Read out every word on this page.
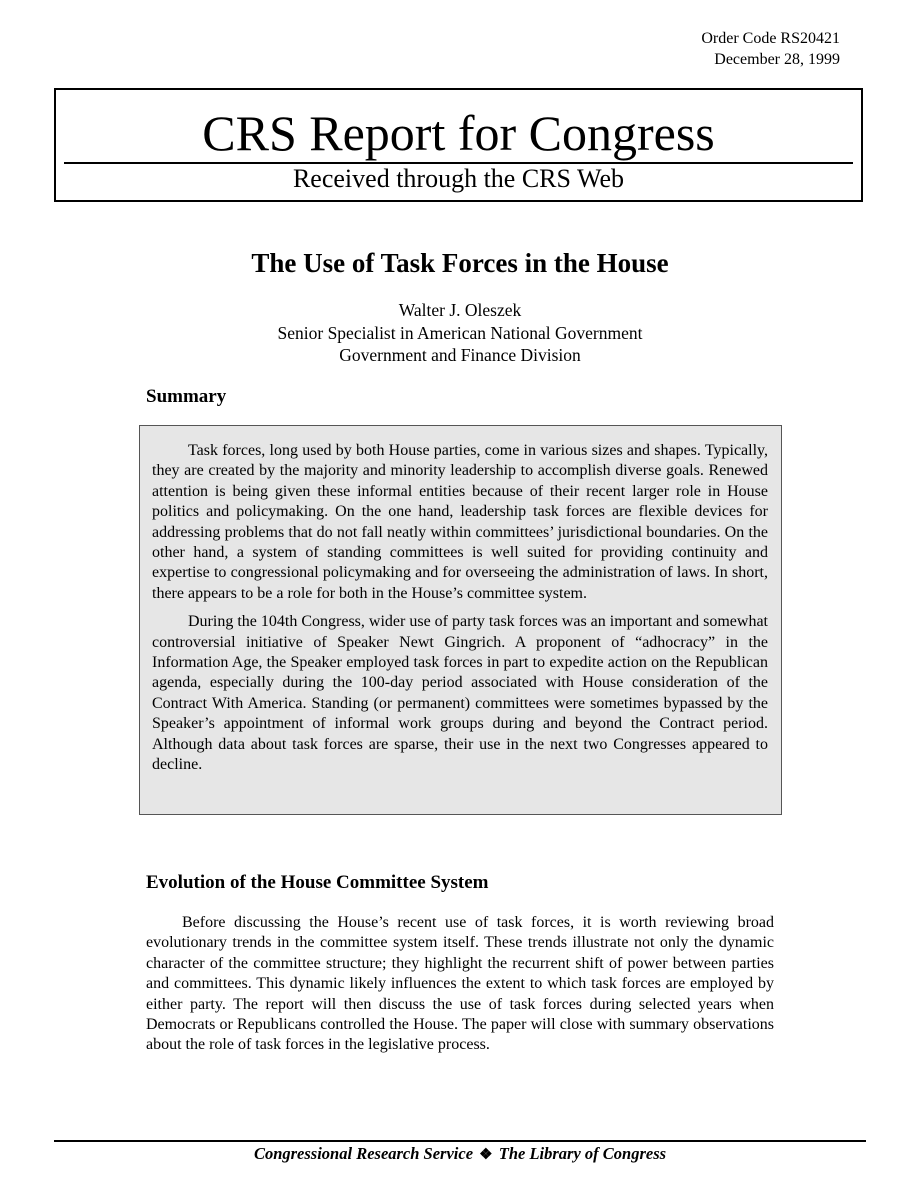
Order Code RS20421
December 28, 1999
CRS Report for Congress
Received through the CRS Web
The Use of Task Forces in the House
Walter J. Oleszek
Senior Specialist in American National Government
Government and Finance Division
Summary

Task forces, long used by both House parties, come in various sizes and shapes. Typically, they are created by the majority and minority leadership to accomplish diverse goals. Renewed attention is being given these informal entities because of their recent larger role in House politics and policymaking. On the one hand, leadership task forces are flexible devices for addressing problems that do not fall neatly within committees’ jurisdictional boundaries. On the other hand, a system of standing committees is well suited for providing continuity and expertise to congressional policymaking and for overseeing the administration of laws. In short, there appears to be a role for both in the House’s committee system.

During the 104th Congress, wider use of party task forces was an important and somewhat controversial initiative of Speaker Newt Gingrich. A proponent of “adhocracy” in the Information Age, the Speaker employed task forces in part to expedite action on the Republican agenda, especially during the 100-day period associated with House consideration of the Contract With America. Standing (or permanent) committees were sometimes bypassed by the Speaker’s appointment of informal work groups during and beyond the Contract period. Although data about task forces are sparse, their use in the next two Congresses appeared to decline.

Evolution of the House Committee System

Before discussing the House’s recent use of task forces, it is worth reviewing broad evolutionary trends in the committee system itself. These trends illustrate not only the dynamic character of the committee structure; they highlight the recurrent shift of power between parties and committees. This dynamic likely influences the extent to which task forces are employed by either party. The report will then discuss the use of task forces during selected years when Democrats or Republicans controlled the House. The paper will close with summary observations about the role of task forces in the legislative process.

Congressional Research Service ❖ The Library of Congress
